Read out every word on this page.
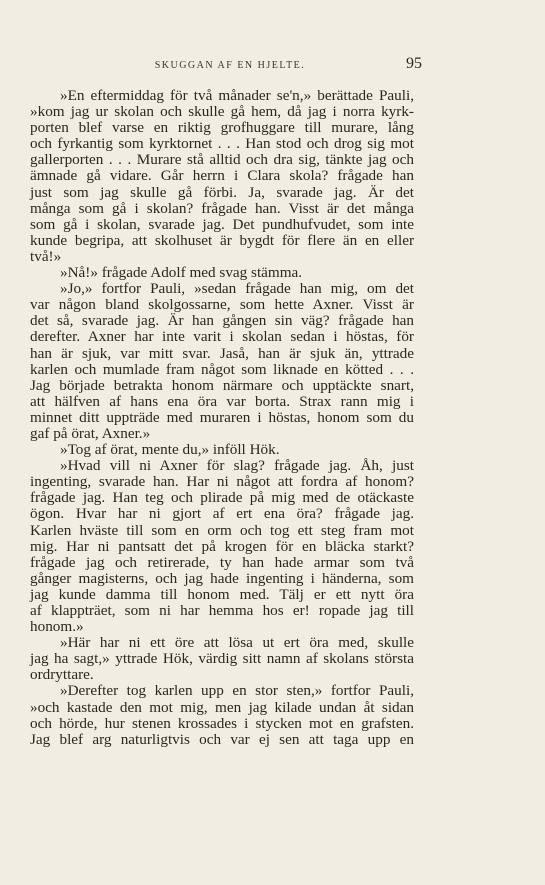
SKUGGAN AF EN HJELTE.	95
»En eftermiddag för två månader se'n,» berättade Pauli,
»kom jag ur skolan och skulle gå hem, då jag i norra kyrk-
porten blef varse en riktig grofhuggare till murare, lång
och fyrkantig som kyrktornet . . . Han stod och drog sig mot
gallerporten . . . Murare stå alltid och dra sig, tänkte jag och
ämnade gå vidare. Går herrn i Clara skola? frågade han
just som jag skulle gå förbi. Ja, svarade jag. Är det
många som gå i skolan? frågade han. Visst är det många
som gå i skolan, svarade jag. Det pundhufvudet, som inte
kunde begripa, att skolhuset är bygdt för flere än en eller
två!»
»Nå!» frågade Adolf med svag stämma.
»Jo,» fortfor Pauli, »sedan frågade han mig, om det
var någon bland skolgossarne, som hette Axner. Visst är
det så, svarade jag. Är han gången sin väg? frågade han
derefter. Axner har inte varit i skolan sedan i höstas, för
han är sjuk, var mitt svar. Jaså, han är sjuk än, yttrade
karlen och mumlade fram något som liknade en kötted . . .
Jag började betrakta honom närmare och upptäckte snart,
att hälfven af hans ena öra var borta. Strax rann mig i
minnet ditt uppträde med muraren i höstas, honom som du
gaf på örat, Axner.»
»Tog af örat, mente du,» inföll Hök.
»Hvad vill ni Axner för slag? frågade jag. Åh, just
ingenting, svarade han. Har ni något att fordra af honom?
frågade jag. Han teg och plirade på mig med de otäckaste
ögon. Hvar har ni gjort af ert ena öra? frågade jag.
Karlen hväste till som en orm och tog ett steg fram mot
mig. Har ni pantsatt det på krogen för en bläcka starkt?
frågade jag och retirerade, ty han hade armar som två
gånger magisterns, och jag hade ingenting i händerna, som
jag kunde damma till honom med. Tälj er ett nytt öra
af klappträet, som ni har hemma hos er! ropade jag till
honom.»
»Här har ni ett öre att lösa ut ert öra med, skulle
jag ha sagt,» yttrade Hök, värdig sitt namn af skolans största
ordryttare.
»Derefter tog karlen upp en stor sten,» fortfor Pauli,
»och kastade den mot mig, men jag kilade undan åt sidan
och hörde, hur stenen krossades i stycken mot en grafsten.
Jag blef arg naturligtvis och var ej sen att taga upp en
